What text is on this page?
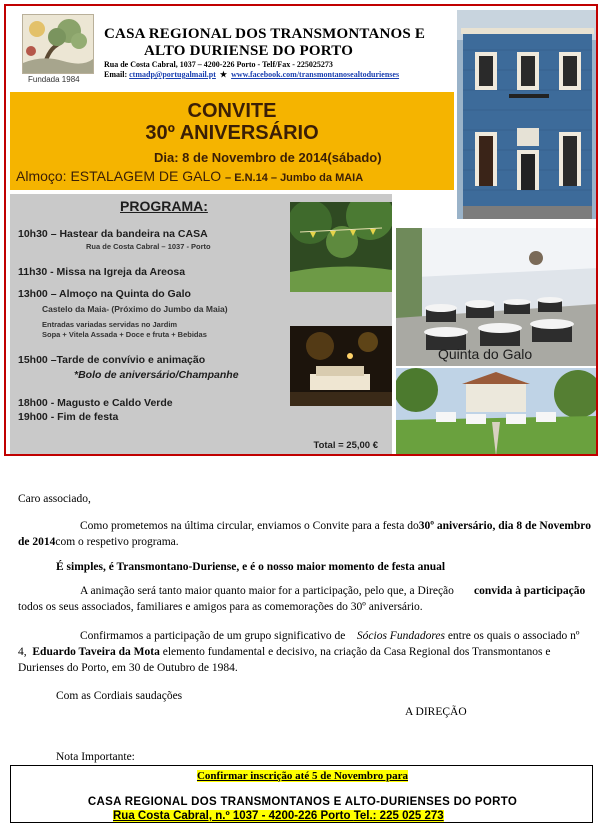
Fundada 1984
CASA REGIONAL DOS TRANSMONTANOS E
ALTO DURIENSE DO PORTO
Rua de Costa Cabral, 1037 – 4200-226 Porto - Telf/Fax - 225025273
Email: ctmadp@portugalmail.pt  ★  www.facebook.com/transmontanosealtodurienses
CONVITE
30º ANIVERSÁRIO
Dia: 8 de Novembro de 2014(sábado)
Almoço: ESTALAGEM DE GALO – E.N.14 – Jumbo da MAIA
PROGRAMA:
10h30 – Hastear da bandeira na CASA
Rua de Costa Cabral – 1037 - Porto
11h30 - Missa na Igreja da Areosa
13h00 – Almoço na Quinta do Galo
Castelo da Maia- (Próximo do Jumbo da Maia)
Entradas variadas servidas no Jardim
Sopa + Vitela Assada + Doce e fruta + Bebidas
15h00 –Tarde de convívio e animação
*Bolo de aniversário/Champanhe
18h00 - Magusto e Caldo Verde
19h00 - Fim de festa
Total = 25,00 €
Quinta do Galo
Caro associado,
Como prometemos na última circular, enviamos o Convite para a festa do30º aniversário, dia 8 de Novembro de 2014com o respetivo programa.
É simples, é Transmontano-Duriense, e é o nosso maior momento de festa anual
A animação será tanto maior quanto maior for a participação, pelo que, a Direção convida à participação todos os seus associados, familiares e amigos para as comemorações do 30º aniversário.
Confirmamos a participação de um grupo significativo de Sócios Fundadores entre os quais o associado nº 4, Eduardo Taveira da Mota elemento fundamental e decisivo, na criação da Casa Regional dos Transmontanos e Durienses do Porto, em 30 de Outubro de 1984.
Com as Cordiais saudações
A DIREÇÃO
Nota Importante:
Confirmar inscrição até 5 de Novembro para
CASA REGIONAL DOS TRANSMONTANOS E ALTO-DURIENSES DO PORTO
Rua Costa Cabral, n.º 1037 - 4200-226 Porto Tel.: 225 025 273
